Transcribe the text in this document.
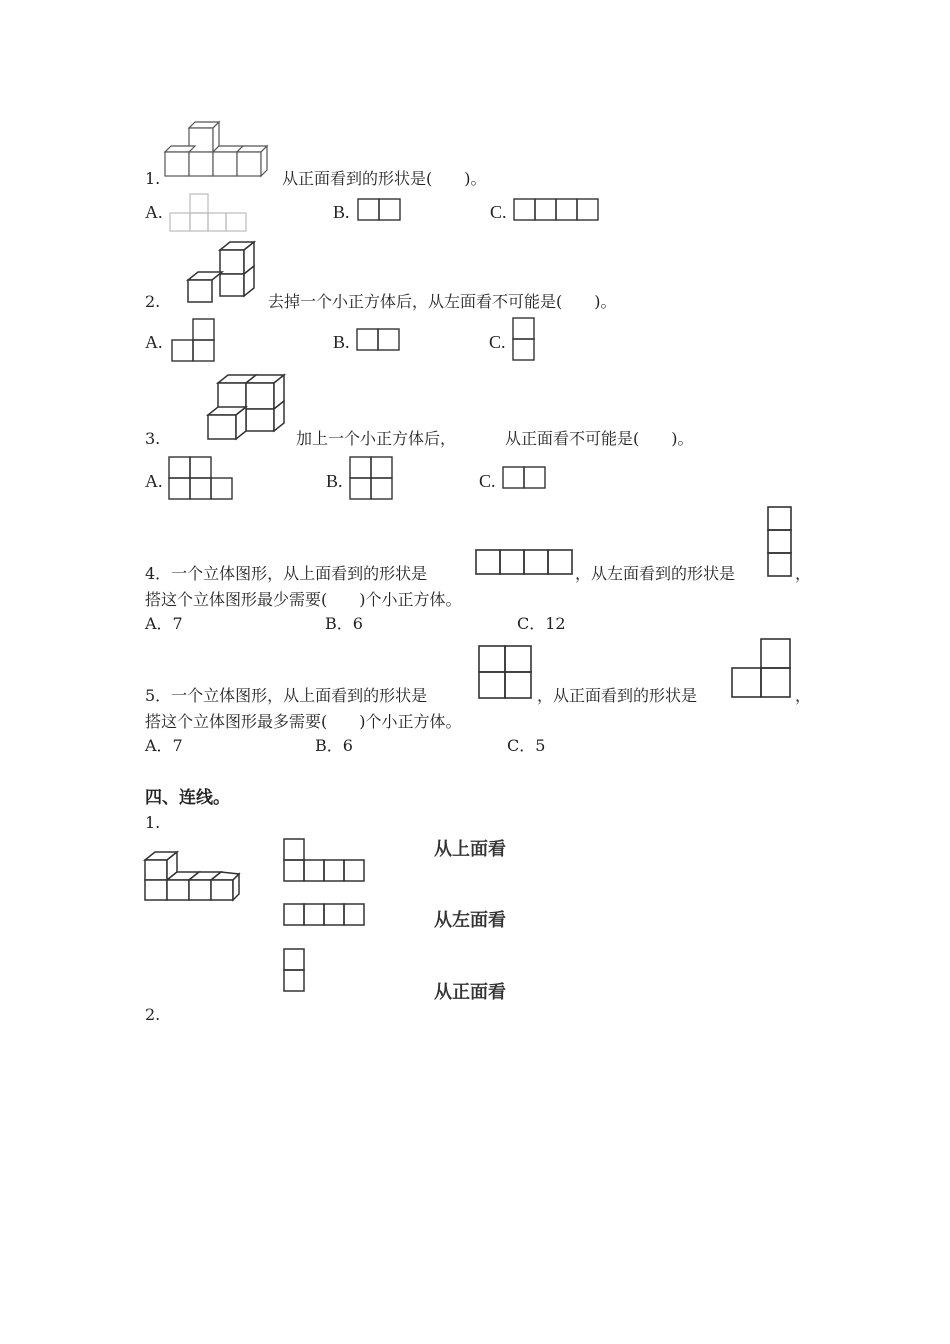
1.	从正面看到的形状是(　　)。
A.	B.	C.
2.	去掉一个小正方体后，从左面看不可能是(　　)。
A.	B.	C.
3.	加上一个小正方体后，	从正面看不可能是(　　)。
A.	B.	C.
4．一个立体图形，从上面看到的形状是	，从左面看到的形状是	，
搭这个立体图形最少需要(　　)个小正方体。
A．7	B．6	C．12
5．一个立体图形，从上面看到的形状是	，从正面看到的形状是	，
搭这个立体图形最多需要(　　)个小正方体。
A．7	B．6	C．5
四、连线。
1.
从上面看
从左面看
从正面看
2.
